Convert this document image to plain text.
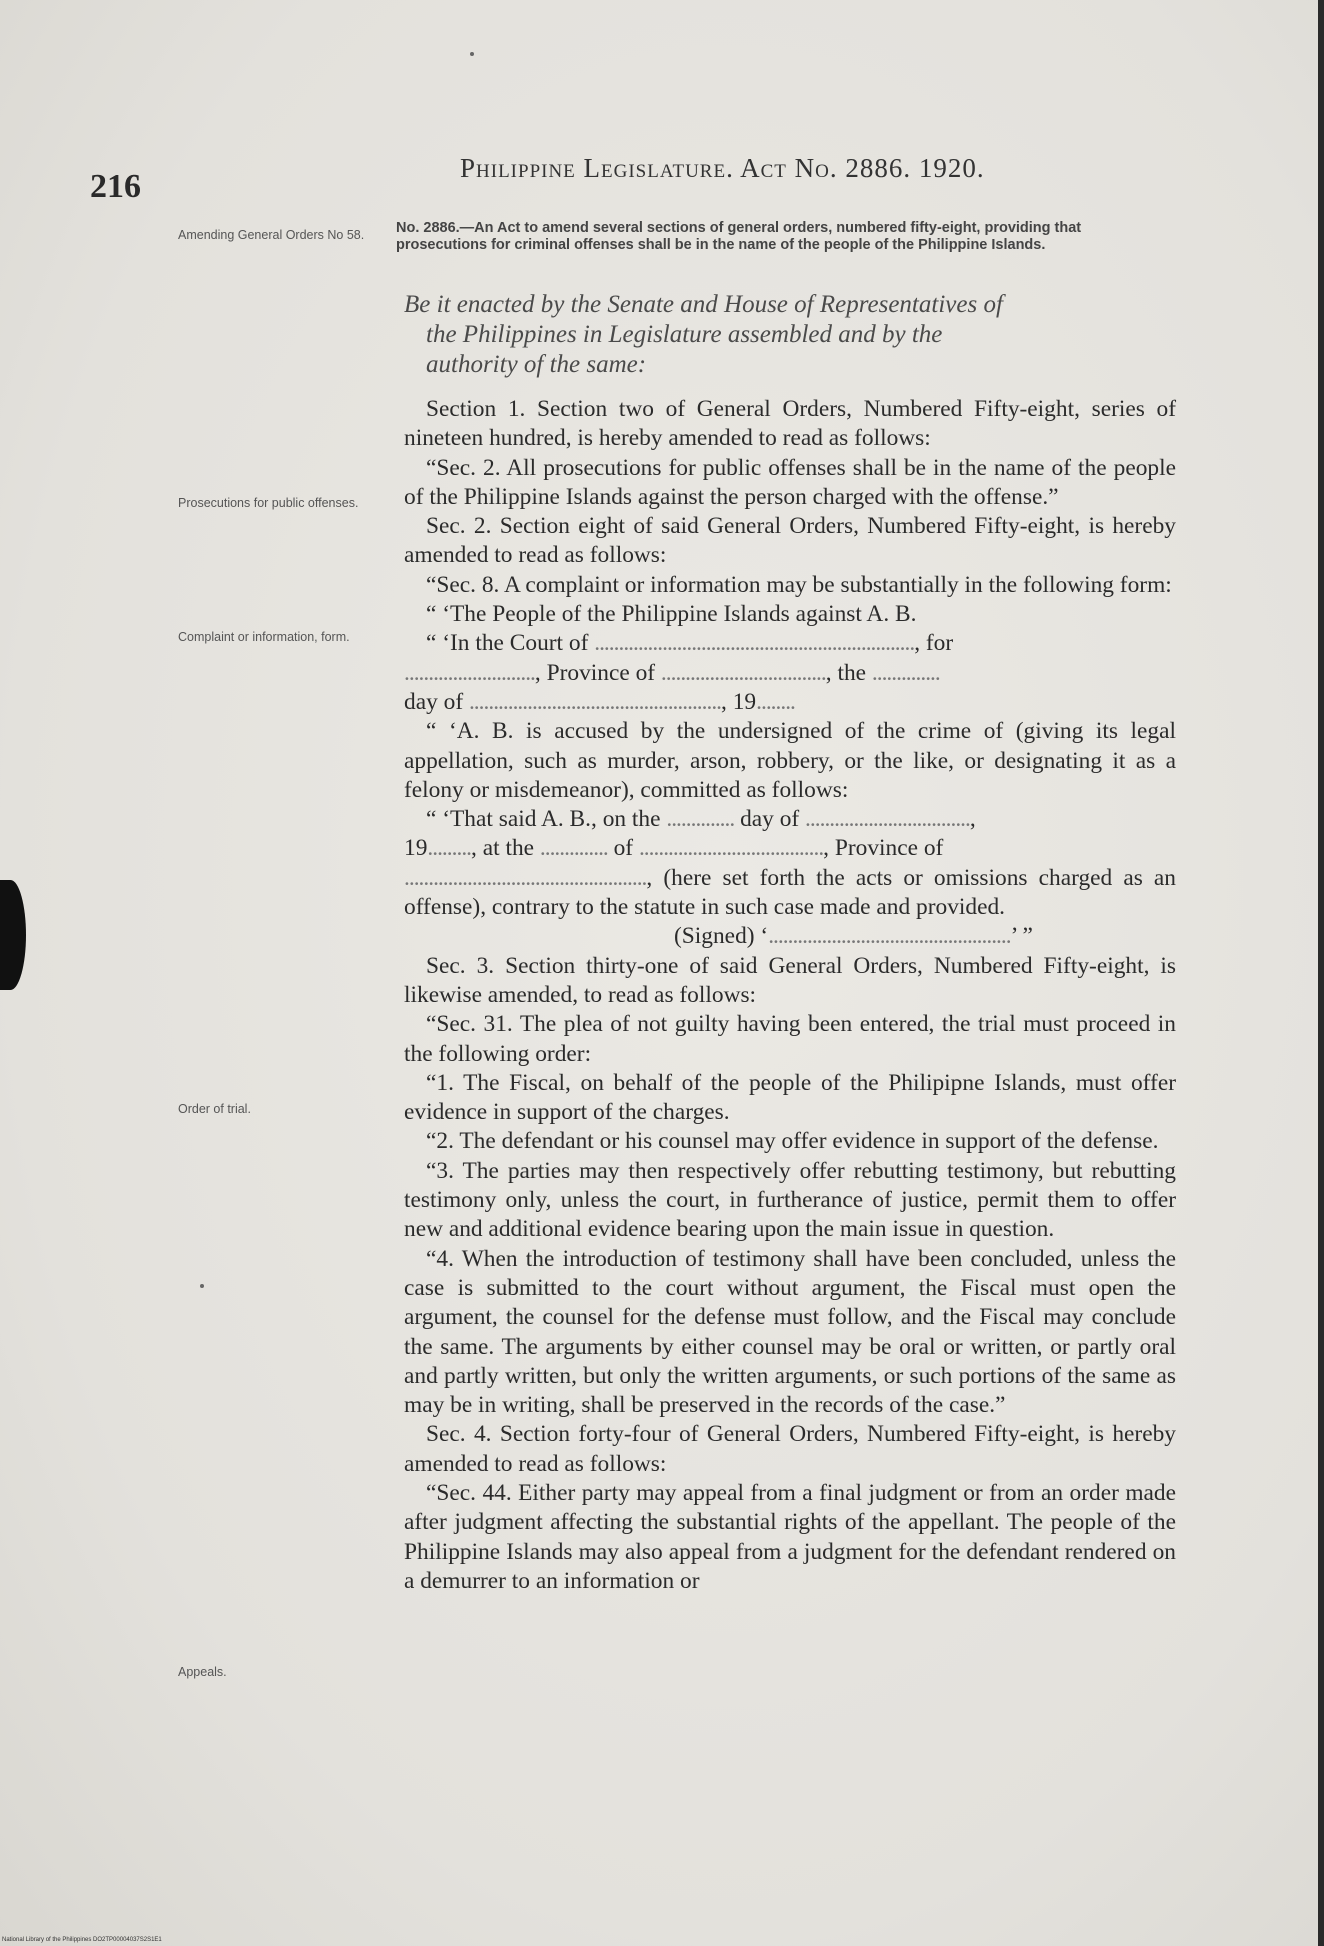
216	Philippine Legislature. Act No. 2886. 1920.
Amending General Orders No 58.	No. 2886.—An Act to amend several sections of general orders, numbered fifty-eight, providing that prosecutions for criminal offenses shall be in the name of the people of the Philippine Islands.
Be it enacted by the Senate and House of Representatives of
the Philippines in Legislature assembled and by the
authority of the same:
Prosecutions for public offenses.
Complaint or information, form.
Order of trial.
Appeals.

Section 1. Section two of General Orders, Numbered Fifty-eight, series of nineteen hundred, is hereby amended to read as follows:

“Sec. 2. All prosecutions for public offenses shall be in the name of the people of the Philippine Islands against the person charged with the offense.”

Sec. 2. Section eight of said General Orders, Numbered Fifty-eight, is hereby amended to read as follows:

“Sec. 8. A complaint or information may be substantially in the following form:

“ ‘The People of the Philippine Islands against A. B.

“ ‘In the Court of .................................................................., for

..........................., Province of .................................., the ..............

day of ...................................................., 19........

“ ‘A. B. is accused by the undersigned of the crime of (giving its legal appellation, such as murder, arson, robbery, or the like, or designating it as a felony or misdemeanor), committed as follows:

“ ‘That said A. B., on the .............. day of ..................................,

19........., at the .............. of ......................................, Province of

.................................................., (here set forth the acts or omissions charged as an offense), contrary to the statute in such case made and provided.

(Signed) ‘..................................................’ ”

Sec. 3. Section thirty-one of said General Orders, Numbered Fifty-eight, is likewise amended, to read as follows:

“Sec. 31. The plea of not guilty having been entered, the trial must proceed in the following order:

“1. The Fiscal, on behalf of the people of the Philipipne Islands, must offer evidence in support of the charges.

“2. The defendant or his counsel may offer evidence in support of the defense.

“3. The parties may then respectively offer rebutting testimony, but rebutting testimony only, unless the court, in furtherance of justice, permit them to offer new and additional evidence bearing upon the main issue in question.

“4. When the introduction of testimony shall have been concluded, unless the case is submitted to the court without argument, the Fiscal must open the argument, the counsel for the defense must follow, and the Fiscal may conclude the same. The arguments by either counsel may be oral or written, or partly oral and partly written, but only the written arguments, or such portions of the same as may be in writing, shall be preserved in the records of the case.”

Sec. 4. Section forty-four of General Orders, Numbered Fifty-eight, is hereby amended to read as follows:

“Sec. 44. Either party may appeal from a final judgment or from an order made after judgment affecting the substantial rights of the appellant. The people of the Philippine Islands may also appeal from a judgment for the defendant rendered on a demurrer to an information or

National Library of the Philippines DO2TP00004037S2S1E1
